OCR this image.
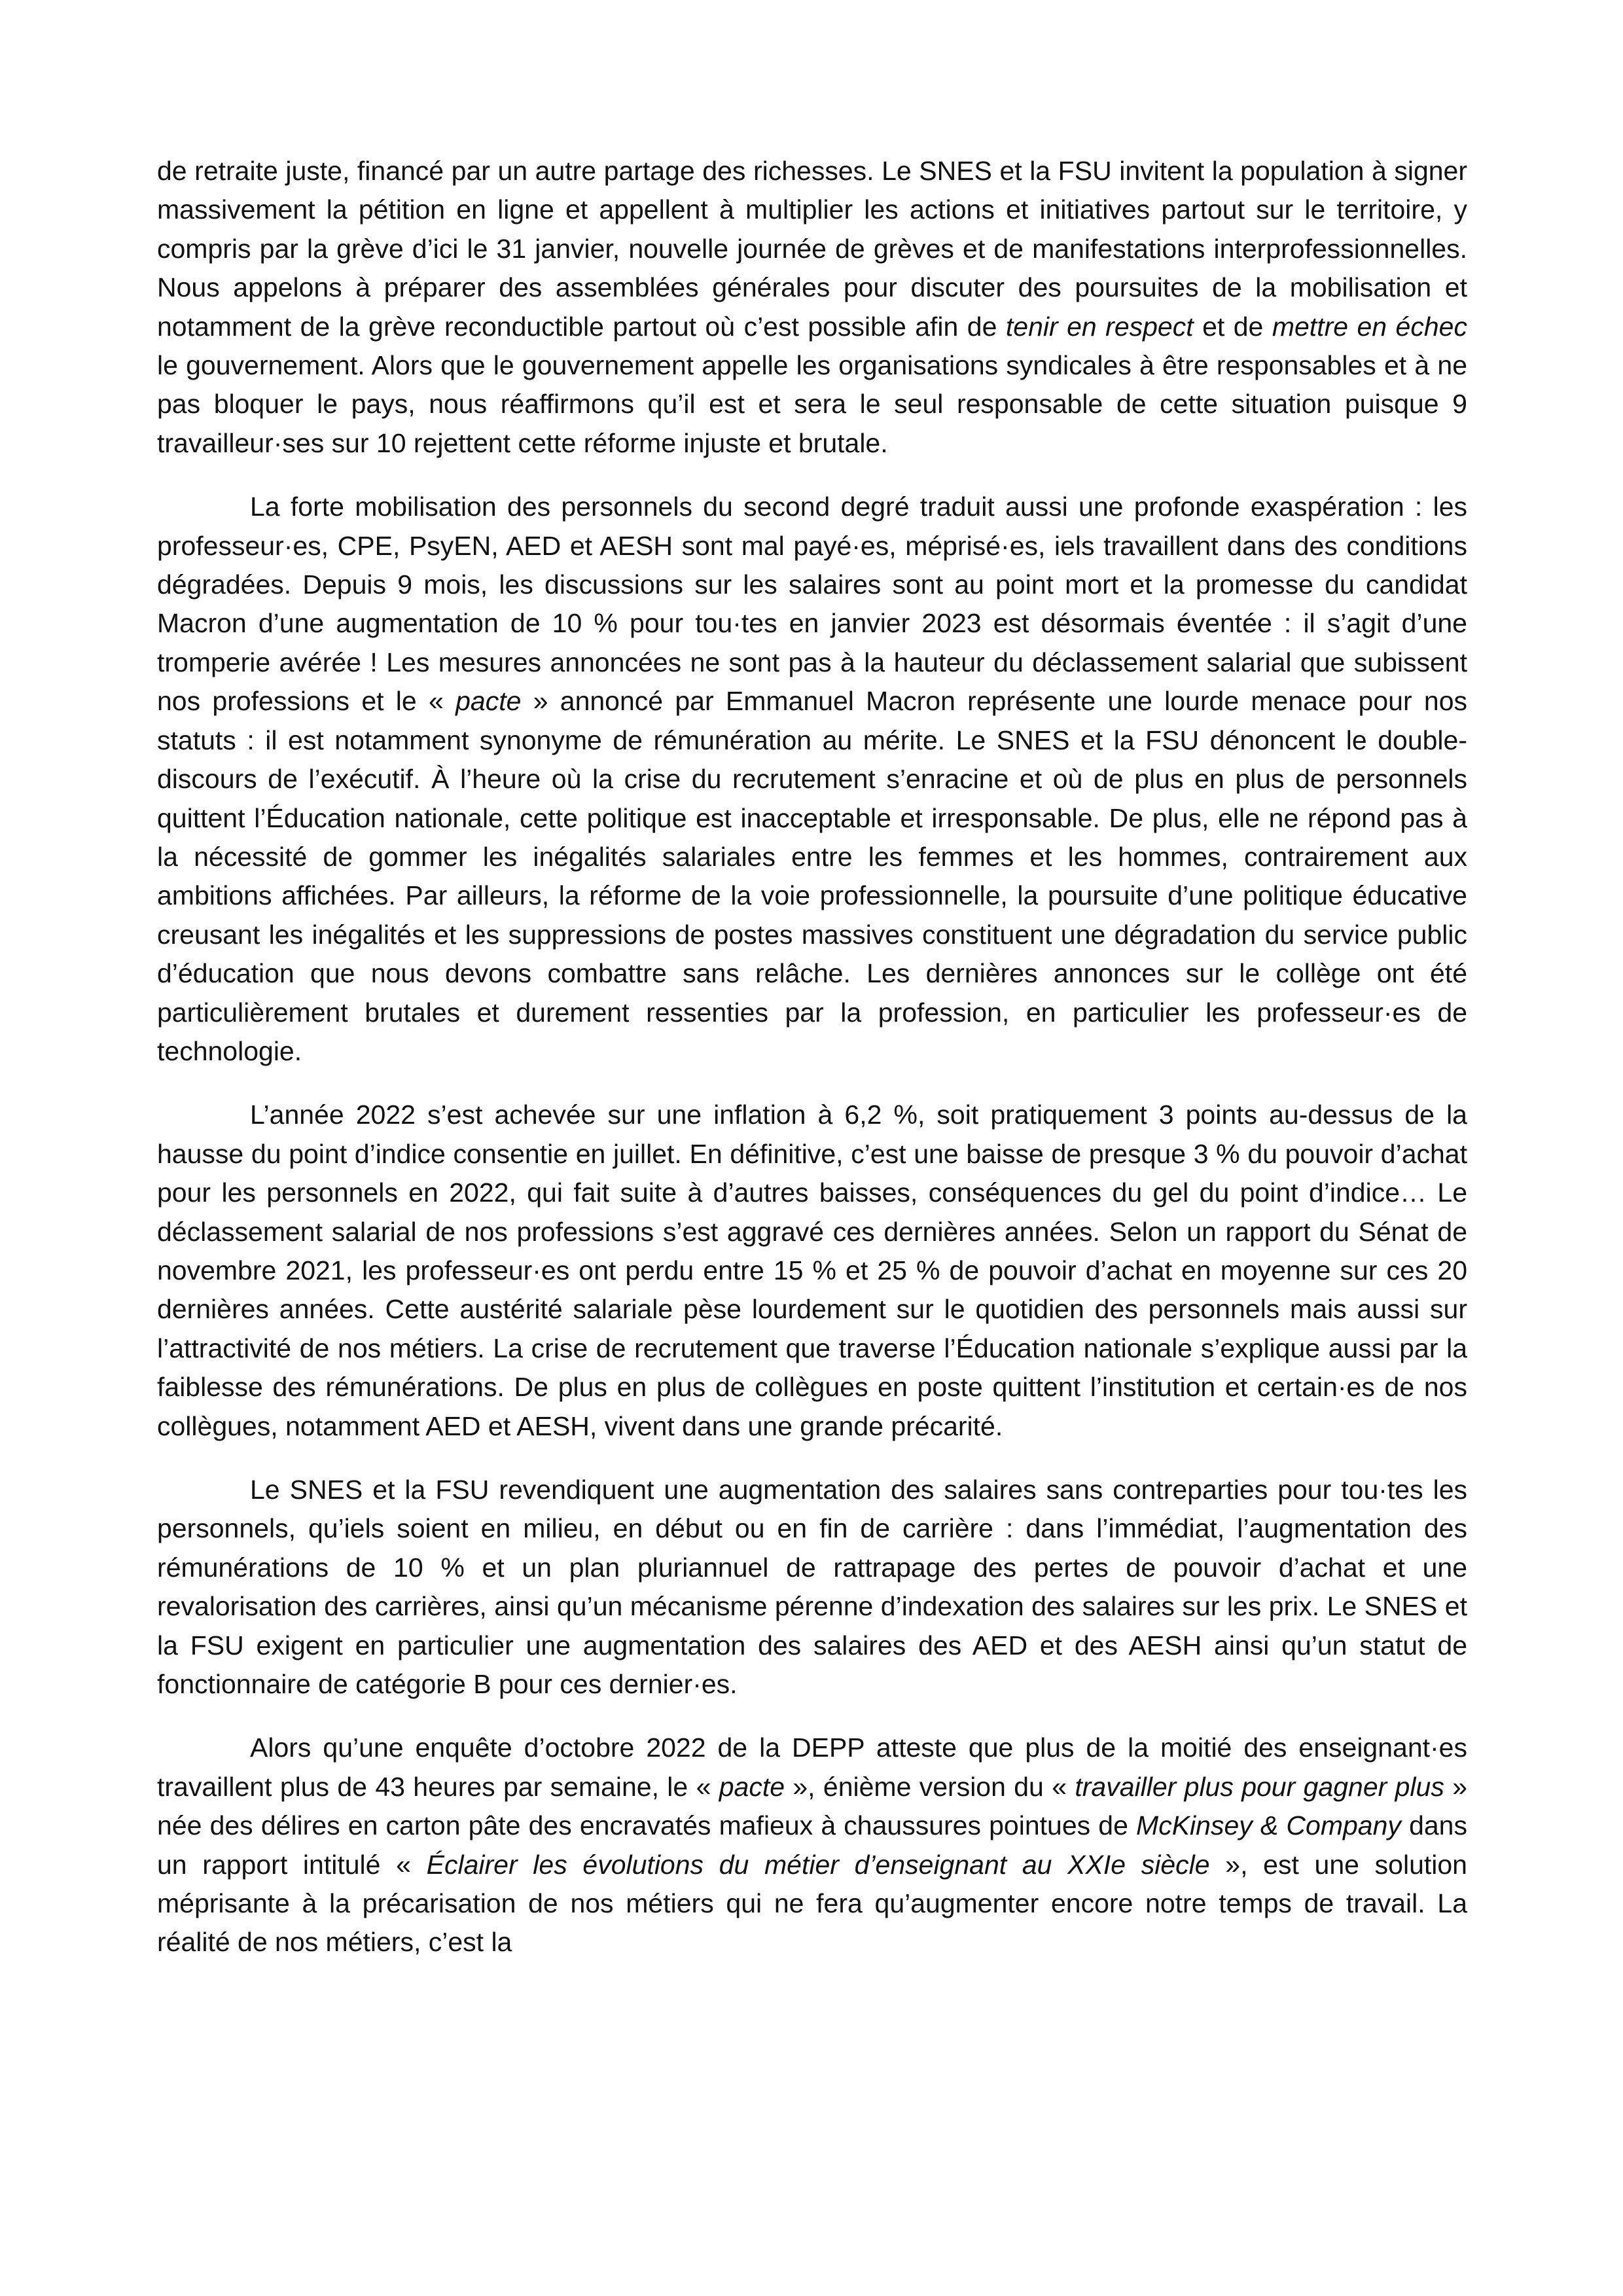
de retraite juste, financé par un autre partage des richesses. Le SNES et la FSU invitent la population à signer massivement la pétition en ligne et appellent à multiplier les actions et initiatives partout sur le territoire, y compris par la grève d’ici le 31 janvier, nouvelle journée de grèves et de manifestations interprofessionnelles. Nous appelons à préparer des assemblées générales pour discuter des poursuites de la mobilisation et notamment de la grève reconductible partout où c’est possible afin de tenir en respect et de mettre en échec le gouvernement. Alors que le gouvernement appelle les organisations syndicales à être responsables et à ne pas bloquer le pays, nous réaffirmons qu’il est et sera le seul responsable de cette situation puisque 9 travailleur·ses sur 10 rejettent cette réforme injuste et brutale.

La forte mobilisation des personnels du second degré traduit aussi une profonde exaspération : les professeur·es, CPE, PsyEN, AED et AESH sont mal payé·es, méprisé·es, iels travaillent dans des conditions dégradées. Depuis 9 mois, les discussions sur les salaires sont au point mort et la promesse du candidat Macron d’une augmentation de 10 % pour tou·tes en janvier 2023 est désormais éventée : il s’agit d’une tromperie avérée ! Les mesures annoncées ne sont pas à la hauteur du déclassement salarial que subissent nos professions et le « pacte » annoncé par Emmanuel Macron représente une lourde menace pour nos statuts : il est notamment synonyme de rémunération au mérite. Le SNES et la FSU dénoncent le double-discours de l’exécutif. À l’heure où la crise du recrutement s’enracine et où de plus en plus de personnels quittent l’Éducation nationale, cette politique est inacceptable et irresponsable. De plus, elle ne répond pas à la nécessité de gommer les inégalités salariales entre les femmes et les hommes, contrairement aux ambitions affichées. Par ailleurs, la réforme de la voie professionnelle, la poursuite d’une politique éducative creusant les inégalités et les suppressions de postes massives constituent une dégradation du service public d’éducation que nous devons combattre sans relâche. Les dernières annonces sur le collège ont été particulièrement brutales et durement ressenties par la profession, en particulier les professeur·es de technologie.

L’année 2022 s’est achevée sur une inflation à 6,2 %, soit pratiquement 3 points au-dessus de la hausse du point d’indice consentie en juillet. En définitive, c’est une baisse de presque 3 % du pouvoir d’achat pour les personnels en 2022, qui fait suite à d’autres baisses, conséquences du gel du point d’indice… Le déclassement salarial de nos professions s’est aggravé ces dernières années. Selon un rapport du Sénat de novembre 2021, les professeur·es ont perdu entre 15 % et 25 % de pouvoir d’achat en moyenne sur ces 20 dernières années. Cette austérité salariale pèse lourdement sur le quotidien des personnels mais aussi sur l’attractivité de nos métiers. La crise de recrutement que traverse l’Éducation nationale s’explique aussi par la faiblesse des rémunérations. De plus en plus de collègues en poste quittent l’institution et certain·es de nos collègues, notamment AED et AESH, vivent dans une grande précarité.

Le SNES et la FSU revendiquent une augmentation des salaires sans contreparties pour tou·tes les personnels, qu’iels soient en milieu, en début ou en fin de carrière : dans l’immédiat, l’augmentation des rémunérations de 10 % et un plan pluriannuel de rattrapage des pertes de pouvoir d’achat et une revalorisation des carrières, ainsi qu’un mécanisme pérenne d’indexation des salaires sur les prix. Le SNES et la FSU exigent en particulier une augmentation des salaires des AED et des AESH ainsi qu’un statut de fonctionnaire de catégorie B pour ces dernier·es.

Alors qu’une enquête d’octobre 2022 de la DEPP atteste que plus de la moitié des enseignant·es travaillent plus de 43 heures par semaine, le « pacte », énième version du « travailler plus pour gagner plus » née des délires en carton pâte des encravatés mafieux à chaussures pointues de McKinsey & Company dans un rapport intitulé « Éclairer les évolutions du métier d’enseignant au XXIe siècle », est une solution méprisante à la précarisation de nos métiers qui ne fera qu’augmenter encore notre temps de travail. La réalité de nos métiers, c’est la
